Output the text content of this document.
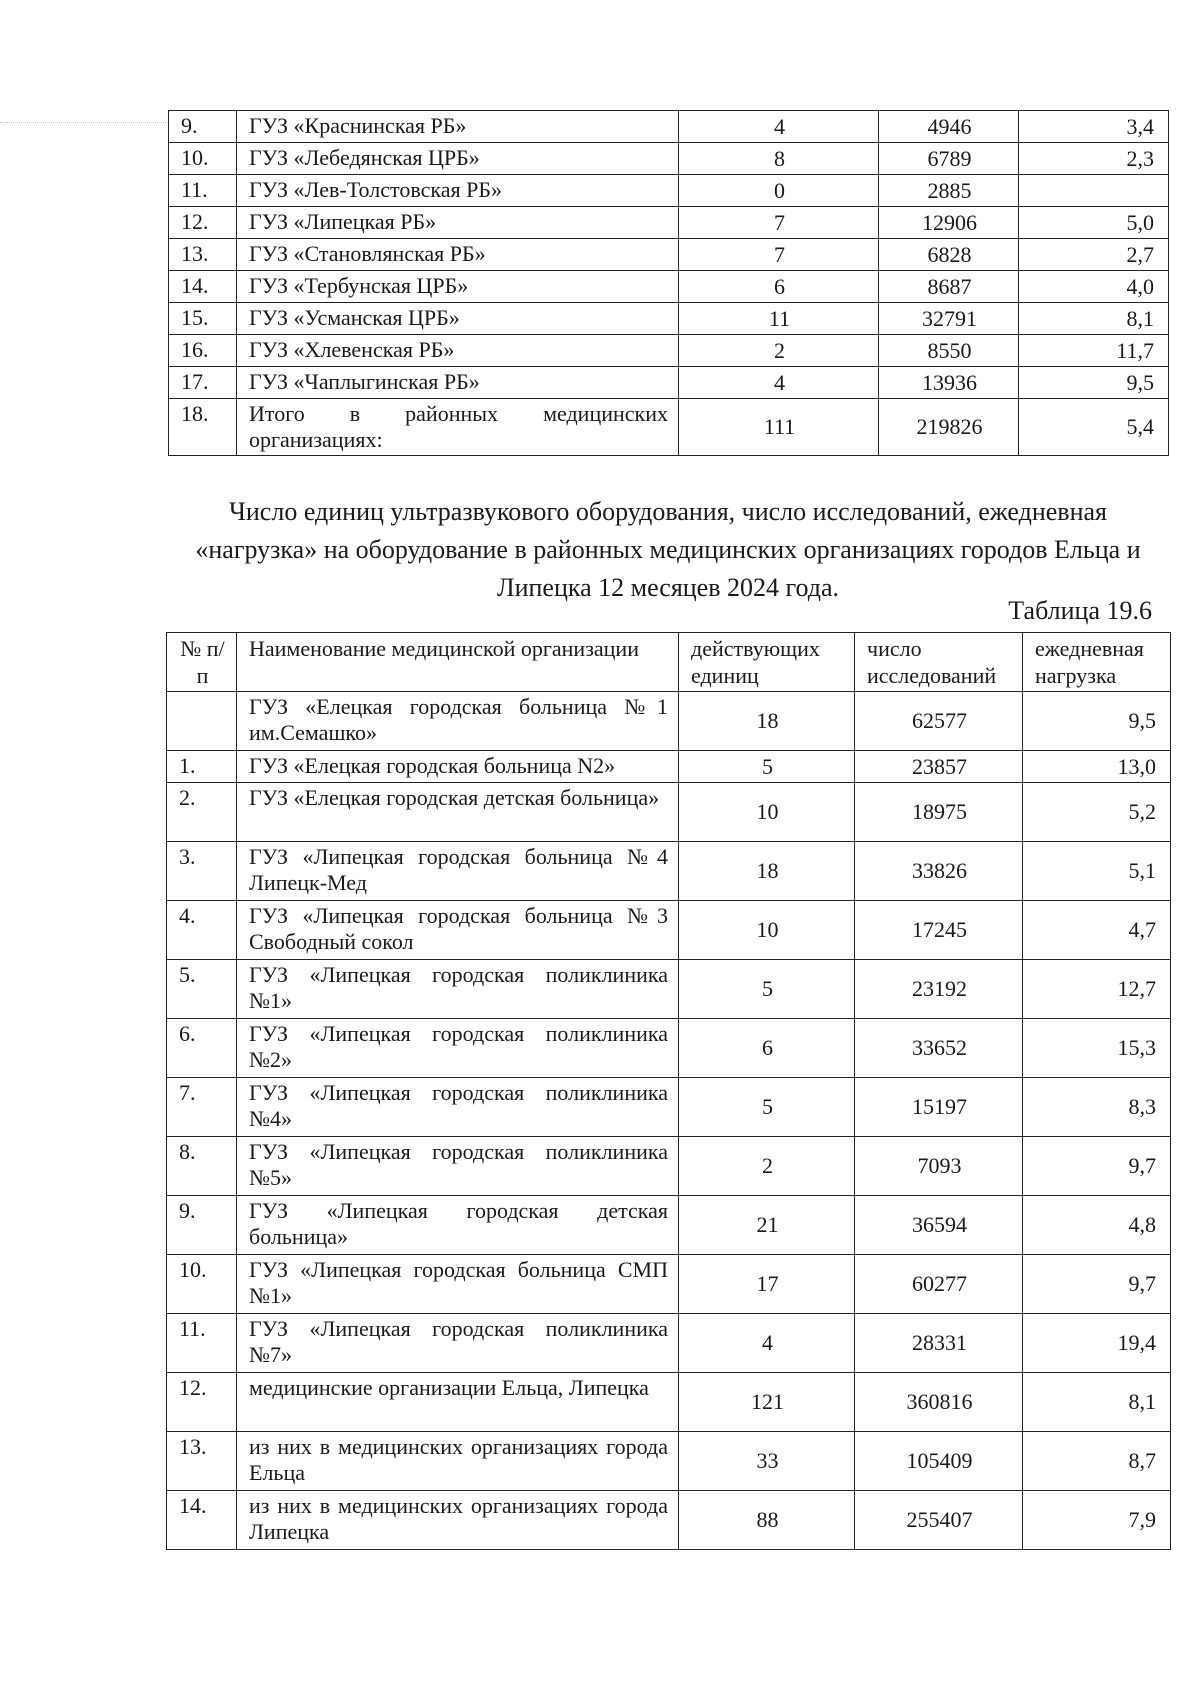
9.	ГУЗ «Краснинская РБ»	4	4946	3,4
10.	ГУЗ «Лебедянская ЦРБ»	8	6789	2,3
11.	ГУЗ «Лев-Толстовская РБ»	0	2885	
12.	ГУЗ «Липецкая РБ»	7	12906	5,0
13.	ГУЗ «Становлянская РБ»	7	6828	2,7
14.	ГУЗ «Тербунская ЦРБ»	6	8687	4,0
15.	ГУЗ «Усманская ЦРБ»	11	32791	8,1
16.	ГУЗ «Хлевенская РБ»	2	8550	11,7
17.	ГУЗ «Чаплыгинская РБ»	4	13936	9,5
18.	Итого в районных медицинских организациях:	111	219826	5,4
Число единиц ультразвукового оборудования, число исследований, ежедневная «нагрузка» на оборудование в районных медицинских организациях городов Ельца и Липецка 12 месяцев 2024 года.
Таблица 19.6
№ п/п	Наименование медицинской организации	действующих единиц	число исследований	ежедневная нагрузка
	ГУЗ «Елецкая городская больница №1 им.Семашко»	18	62577	9,5
1.	ГУЗ «Елецкая городская больница N2»	5	23857	13,0
2.	ГУЗ «Елецкая городская детская больница»	10	18975	5,2
3.	ГУЗ «Липецкая городская больница №4 Липецк-Мед	18	33826	5,1
4.	ГУЗ «Липецкая городская больница №3 Свободный сокол	10	17245	4,7
5.	ГУЗ «Липецкая городская поликлиника №1»	5	23192	12,7
6.	ГУЗ «Липецкая городская поликлиника №2»	6	33652	15,3
7.	ГУЗ «Липецкая городская поликлиника №4»	5	15197	8,3
8.	ГУЗ «Липецкая городская поликлиника №5»	2	7093	9,7
9.	ГУЗ «Липецкая городская детская больница»	21	36594	4,8
10.	ГУЗ «Липецкая городская больница СМП №1»	17	60277	9,7
11.	ГУЗ «Липецкая городская поликлиника №7»	4	28331	19,4
12.	медицинские организации Ельца, Липецка	121	360816	8,1
13.	из них в медицинских организациях города Ельца	33	105409	8,7
14.	из них в медицинских организациях города Липецка	88	255407	7,9
